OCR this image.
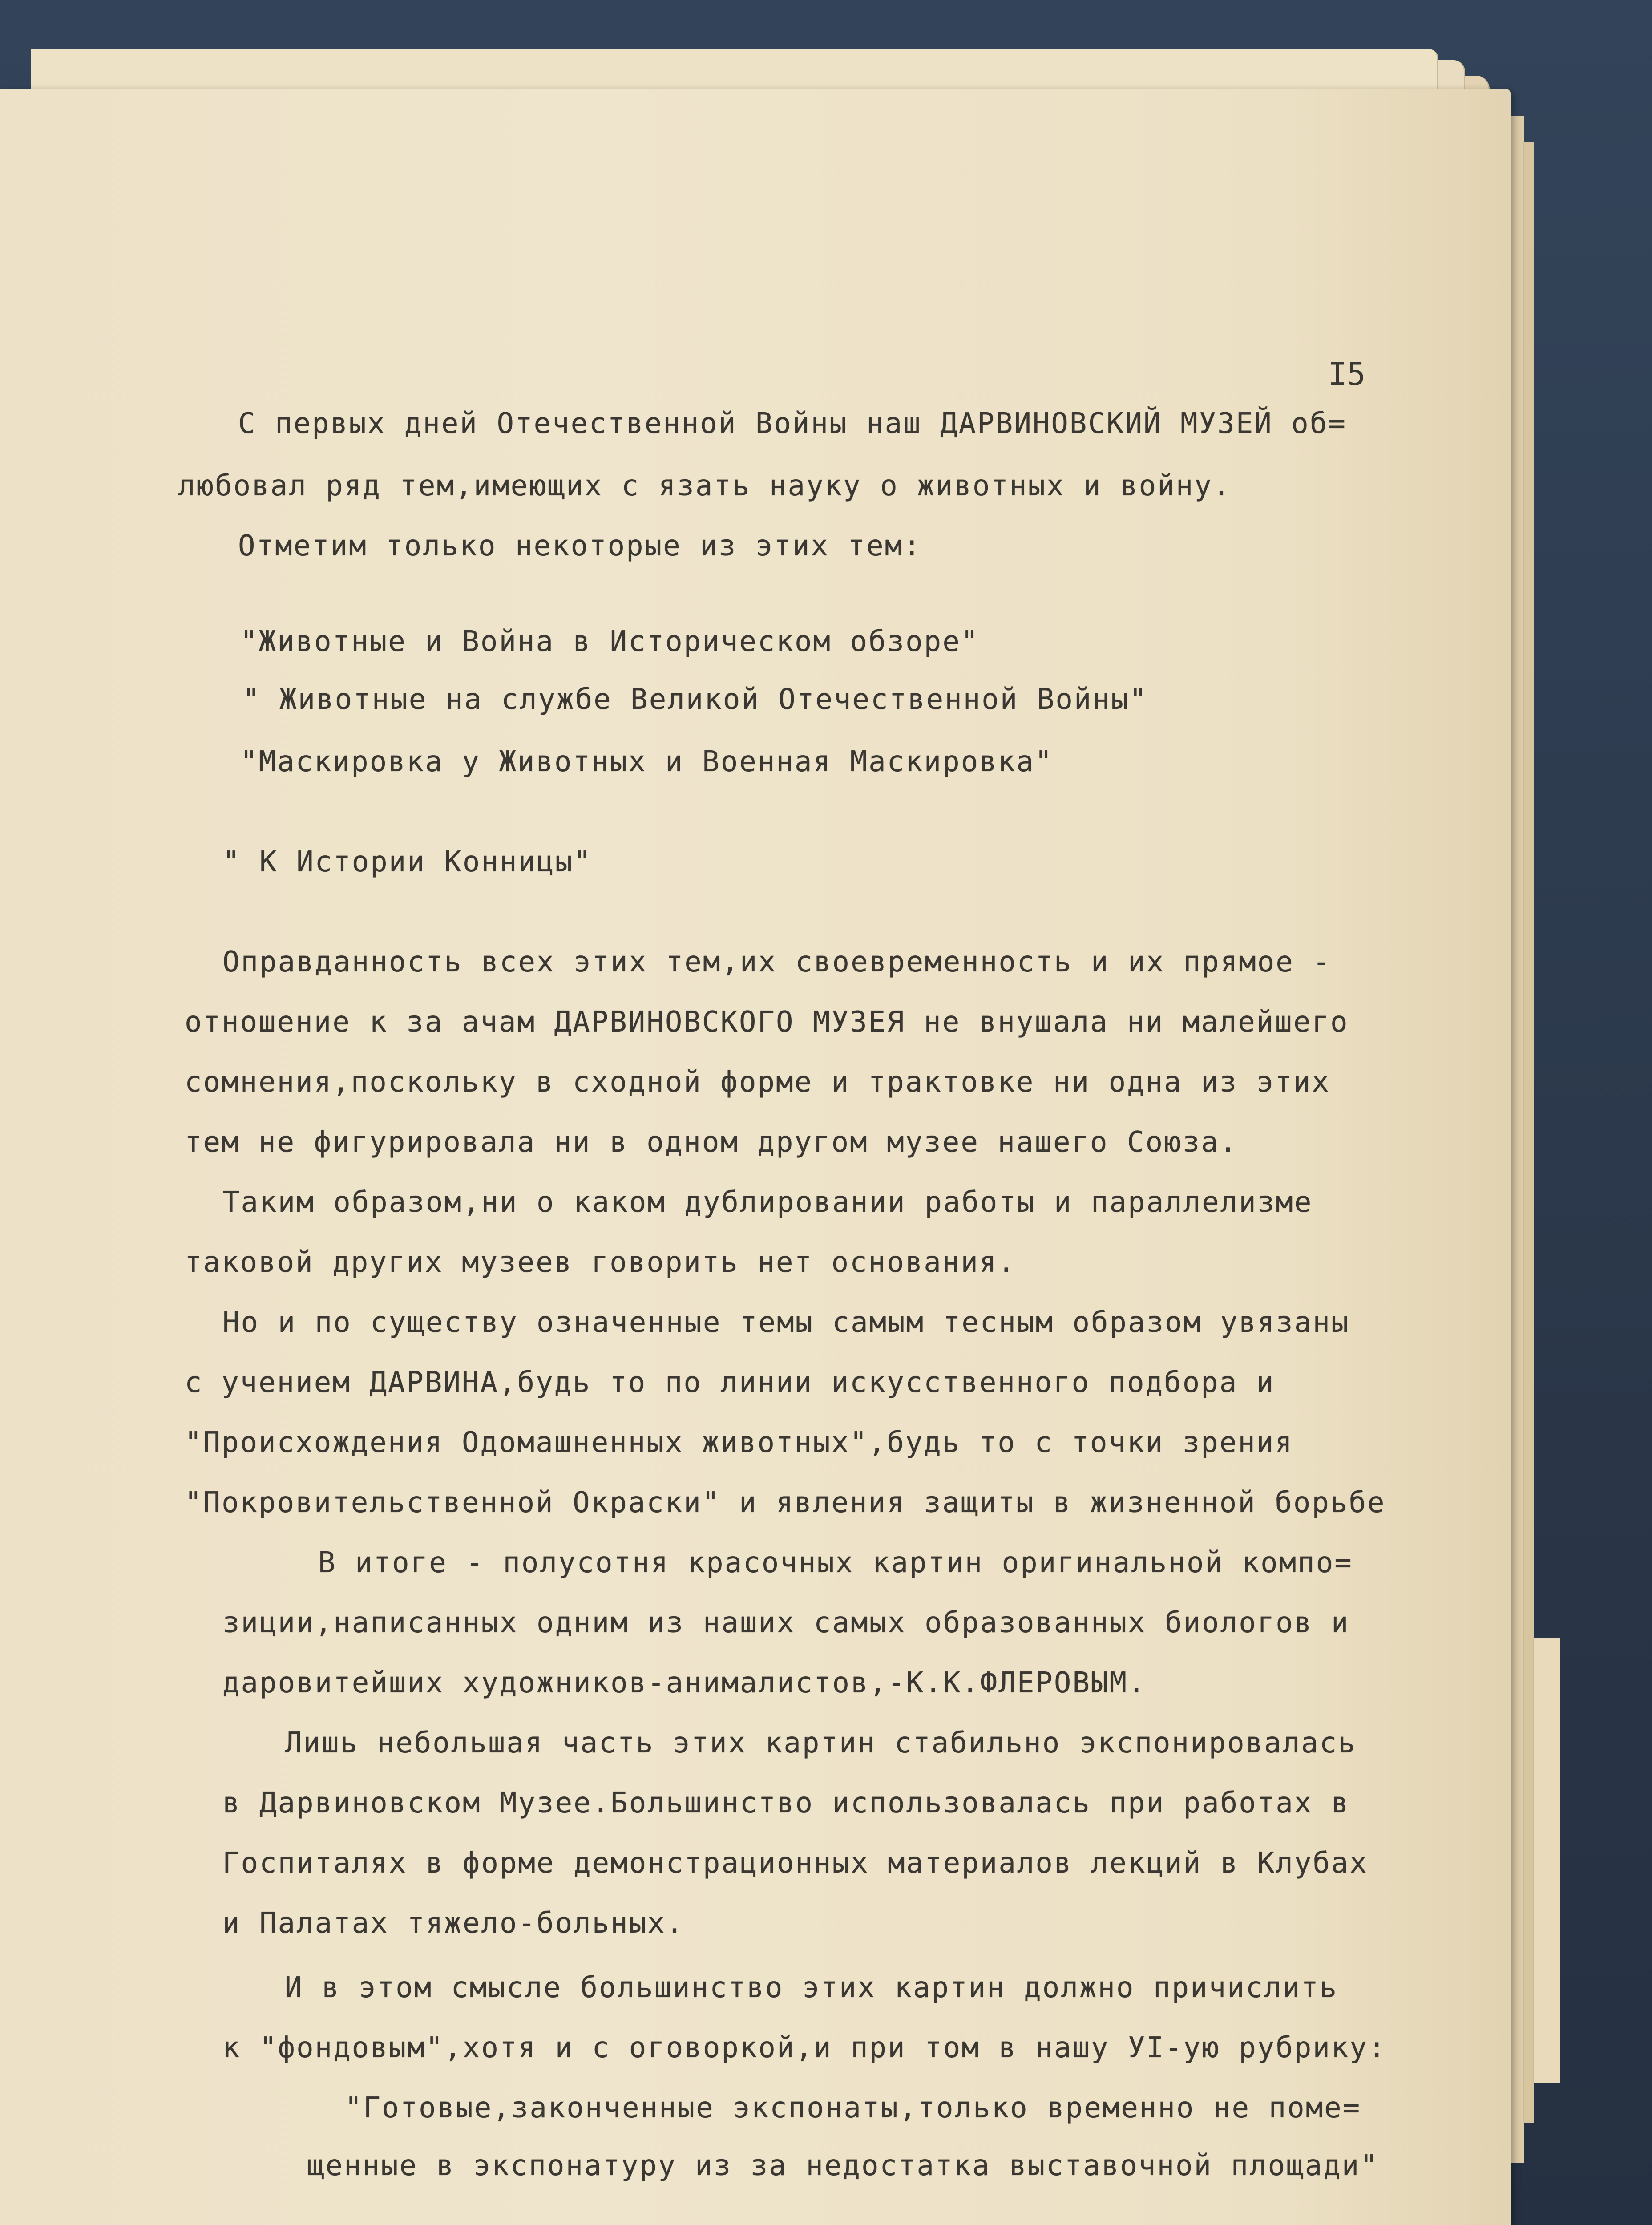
I5

С первых дней Отечественной Войны наш ДАРВИНОВСКИЙ МУЗЕЙ об=

любовал ряд тем,имеющих с язать науку о животных и войну.

Отметим только некоторые из этих тем:

"Животные и Война в Историческом обзоре"

" Животные на службе Великой Отечественной Войны"

"Маскировка у Животных и Военная Маскировка"

" К Истории Конницы"

Оправданность всех этих тем,их своевременность и их прямое -

отношение к за ачам ДАРВИНОВСКОГО МУЗЕЯ не внушала ни малейшего

сомнения,поскольку в сходной форме и трактовке ни одна из этих

тем не фигурировала ни в одном другом музее нашего Союза.

Таким образом,ни о каком дублировании работы и параллелизме

таковой других музеев говорить нет основания.

Но и по существу означенные темы самым тесным образом увязаны

с учением ДАРВИНА,будь то по линии искусственного подбора и

"Происхождения Одомашненных животных",будь то с точки зрения

"Покровительственной Окраски" и явления защиты в жизненной борьбе

В итоге - полусотня красочных картин оригинальной компо=

зиции,написанных одним из наших самых образованных биологов и

даровитейших художников-анималистов,-К.К.ФЛЕРОВЫМ.

Лишь небольшая часть этих картин стабильно экспонировалась

в Дарвиновском Музее.Большинство использовалась при работах в

Госпиталях в форме демонстрационных материалов лекций в Клубах

и Палатах тяжело-больных.

И в этом смысле большинство этих картин должно причислить

к "фондовым",хотя и с оговоркой,и при том в нашу УI-ую рубрику:

"Готовые,законченные экспонаты,только временно не поме=

щенные в экспонатуру из за недостатка выставочной площади"
